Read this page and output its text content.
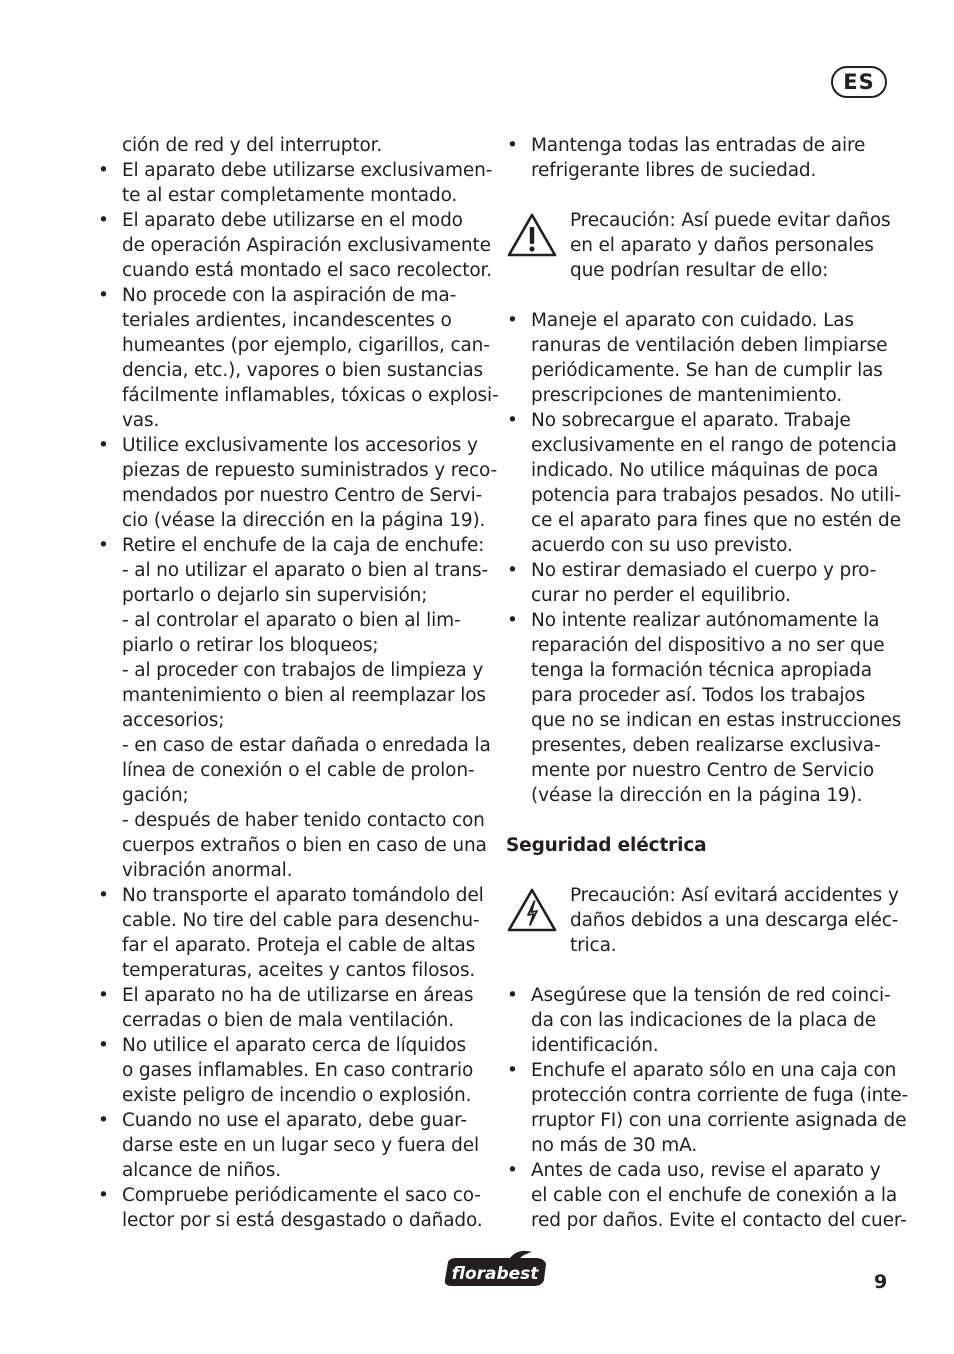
ES
ción de red y del interruptor.
• El aparato debe utilizarse exclusivamen-
te al estar completamente montado.
• El aparato debe utilizarse en el modo
de operación Aspiración exclusivamente
cuando está montado el saco recolector.
• No procede con la aspiración de ma-
teriales ardientes, incandescentes o
humeantes (por ejemplo, cigarillos, can-
dencia, etc.), vapores o bien sustancias
fácilmente inflamables, tóxicas o explosi-
vas.
• Utilice exclusivamente los accesorios y
piezas de repuesto suministrados y reco-
mendados por nuestro Centro de Servi-
cio (véase la dirección en la página 19).
• Retire el enchufe de la caja de enchufe:
- al no utilizar el aparato o bien al trans-
portarlo o dejarlo sin supervisión;
- al controlar el aparato o bien al lim-
piarlo o retirar los bloqueos;
- al proceder con trabajos de limpieza y
mantenimiento o bien al reemplazar los
accesorios;
- en caso de estar dañada o enredada la
línea de conexión o el cable de prolon-
gación;
- después de haber tenido contacto con
cuerpos extraños o bien en caso de una
vibración anormal.
• No transporte el aparato tomándolo del
cable. No tire del cable para desenchu-
far el aparato. Proteja el cable de altas
temperaturas, aceites y cantos filosos.
• El aparato no ha de utilizarse en áreas
cerradas o bien de mala ventilación.
• No utilice el aparato cerca de líquidos
o gases inflamables. En caso contrario
existe peligro de incendio o explosión.
• Cuando no use el aparato, debe guar-
darse este en un lugar seco y fuera del
alcance de niños.
• Compruebe periódicamente el saco co-
lector por si está desgastado o dañado.
• Mantenga todas las entradas de aire
refrigerante libres de suciedad.
Precaución: Así puede evitar daños
en el aparato y daños personales
que podrían resultar de ello:
• Maneje el aparato con cuidado. Las
ranuras de ventilación deben limpiarse
periódicamente. Se han de cumplir las
prescripciones de mantenimiento.
• No sobrecargue el aparato. Trabaje
exclusivamente en el rango de potencia
indicado. No utilice máquinas de poca
potencia para trabajos pesados. No utili-
ce el aparato para fines que no estén de
acuerdo con su uso previsto.
• No estirar demasiado el cuerpo y pro-
curar no perder el equilibrio.
• No intente realizar autónomamente la
reparación del dispositivo a no ser que
tenga la formación técnica apropiada
para proceder así. Todos los trabajos
que no se indican en estas instrucciones
presentes, deben realizarse exclusiva-
mente por nuestro Centro de Servicio
(véase la dirección en la página 19).
Seguridad eléctrica
Precaución: Así evitará accidentes y
daños debidos a una descarga eléc-
trica.
• Asegúrese que la tensión de red coinci-
da con las indicaciones de la placa de
identificación.
• Enchufe el aparato sólo en una caja con
protección contra corriente de fuga (inte-
rruptor FI) con una corriente asignada de
no más de 30 mA.
• Antes de cada uso, revise el aparato y
el cable con el enchufe de conexión a la
red por daños. Evite el contacto del cuer-
florabest	9
